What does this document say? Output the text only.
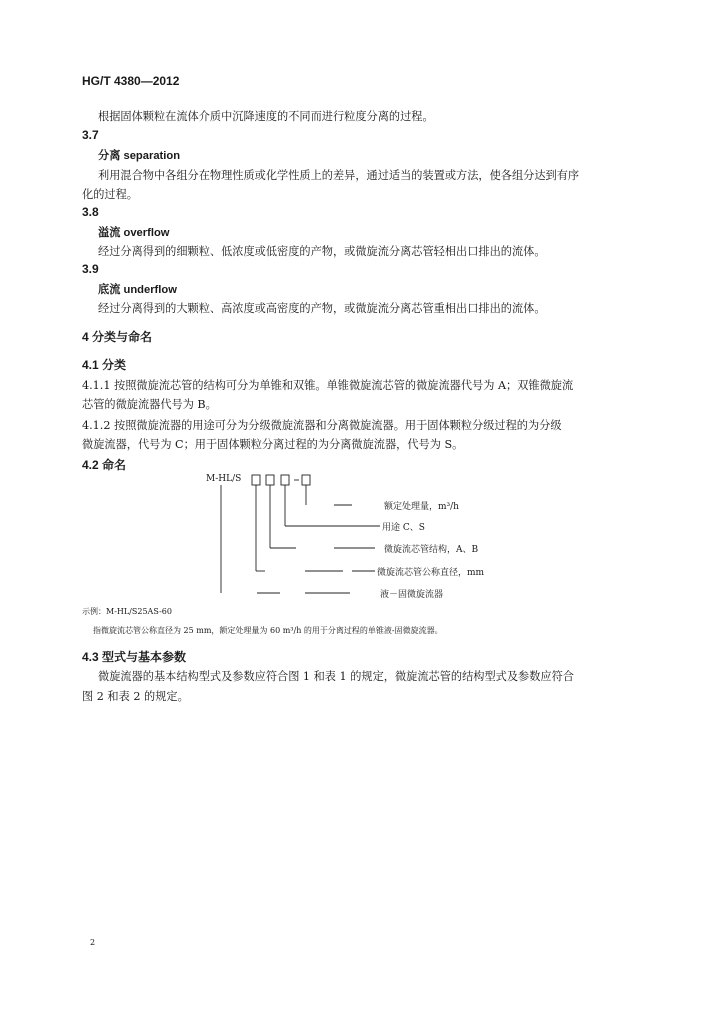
HG/T 4380—2012
根据固体颗粒在流体介质中沉降速度的不同而进行粒度分离的过程。
3.7
分离 separation
利用混合物中各组分在物理性质或化学性质上的差异，通过适当的装置或方法，使各组分达到有序
化的过程。
3.8
溢流 overflow
经过分离得到的细颗粒、低浓度或低密度的产物，或微旋流分离芯管轻相出口排出的流体。
3.9
底流 underflow
经过分离得到的大颗粒、高浓度或高密度的产物，或微旋流分离芯管重相出口排出的流体。
4 分类与命名
4.1 分类
4.1.1 按照微旋流芯管的结构可分为单锥和双锥。单锥微旋流芯管的微旋流器代号为 A；双锥微旋流
芯管的微旋流器代号为 B。
4.1.2 按照微旋流器的用途可分为分级微旋流器和分离微旋流器。用于固体颗粒分级过程的为分级
微旋流器，代号为 C；用于固体颗粒分离过程的为分离微旋流器，代号为 S。
4.2 命名
M-HL/S
额定处理量，m³/h
用途 C、S
微旋流芯管结构，A、B
微旋流芯管公称直径，mm
液－固微旋流器
示例：M-HL/S25AS-60
指微旋流芯管公称直径为 25 mm，额定处理量为 60 m³/h 的用于分离过程的单锥液-固微旋流器。
4.3 型式与基本参数
微旋流器的基本结构型式及参数应符合图 1 和表 1 的规定，微旋流芯管的结构型式及参数应符合
图 2 和表 2 的规定。
2
